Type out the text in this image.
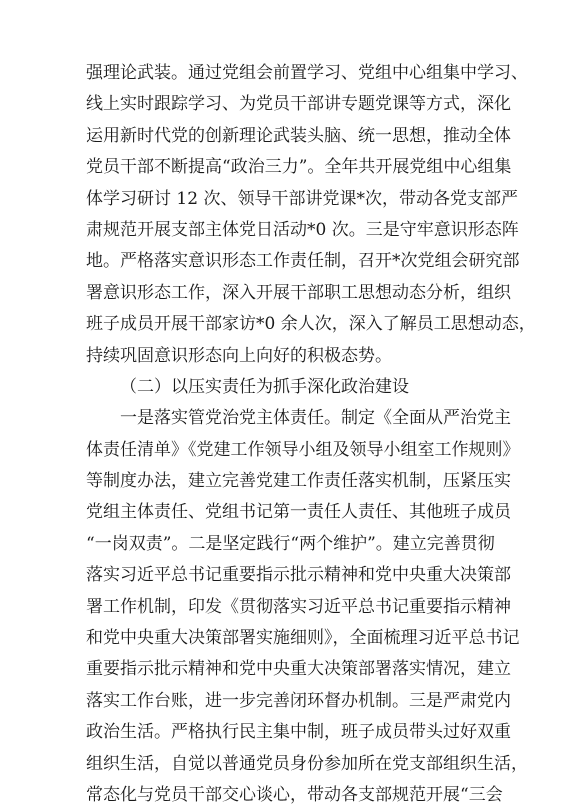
强理论武装。通过党组会前置学习、党组中心组集中学习、
线上实时跟踪学习、为党员干部讲专题党课等方式，深化
运用新时代党的创新理论武装头脑、统一思想，推动全体
党员干部不断提高“政治三力”。全年共开展党组中心组集
体学习研讨 12 次、领导干部讲党课*次，带动各党支部严
肃规范开展支部主体党日活动*0 次。三是守牢意识形态阵
地。严格落实意识形态工作责任制，召开*次党组会研究部
署意识形态工作，深入开展干部职工思想动态分析，组织
班子成员开展干部家访*0 余人次，深入了解员工思想动态，
持续巩固意识形态向上向好的积极态势。
（二）以压实责任为抓手深化政治建设
一是落实管党治党主体责任。制定《全面从严治党主
体责任清单》《党建工作领导小组及领导小组室工作规则》
等制度办法，建立完善党建工作责任落实机制，压紧压实
党组主体责任、党组书记第一责任人责任、其他班子成员
“一岗双责”。二是坚定践行“两个维护”。建立完善贯彻
落实习近平总书记重要指示批示精神和党中央重大决策部
署工作机制，印发《贯彻落实习近平总书记重要指示精神
和党中央重大决策部署实施细则》，全面梳理习近平总书记
重要指示批示精神和党中央重大决策部署落实情况，建立
落实工作台账，进一步完善闭环督办机制。三是严肃党内
政治生活。严格执行民主集中制，班子成员带头过好双重
组织生活，自觉以普通党员身份参加所在党支部组织生活，
常态化与党员干部交心谈心，带动各支部规范开展“三会
